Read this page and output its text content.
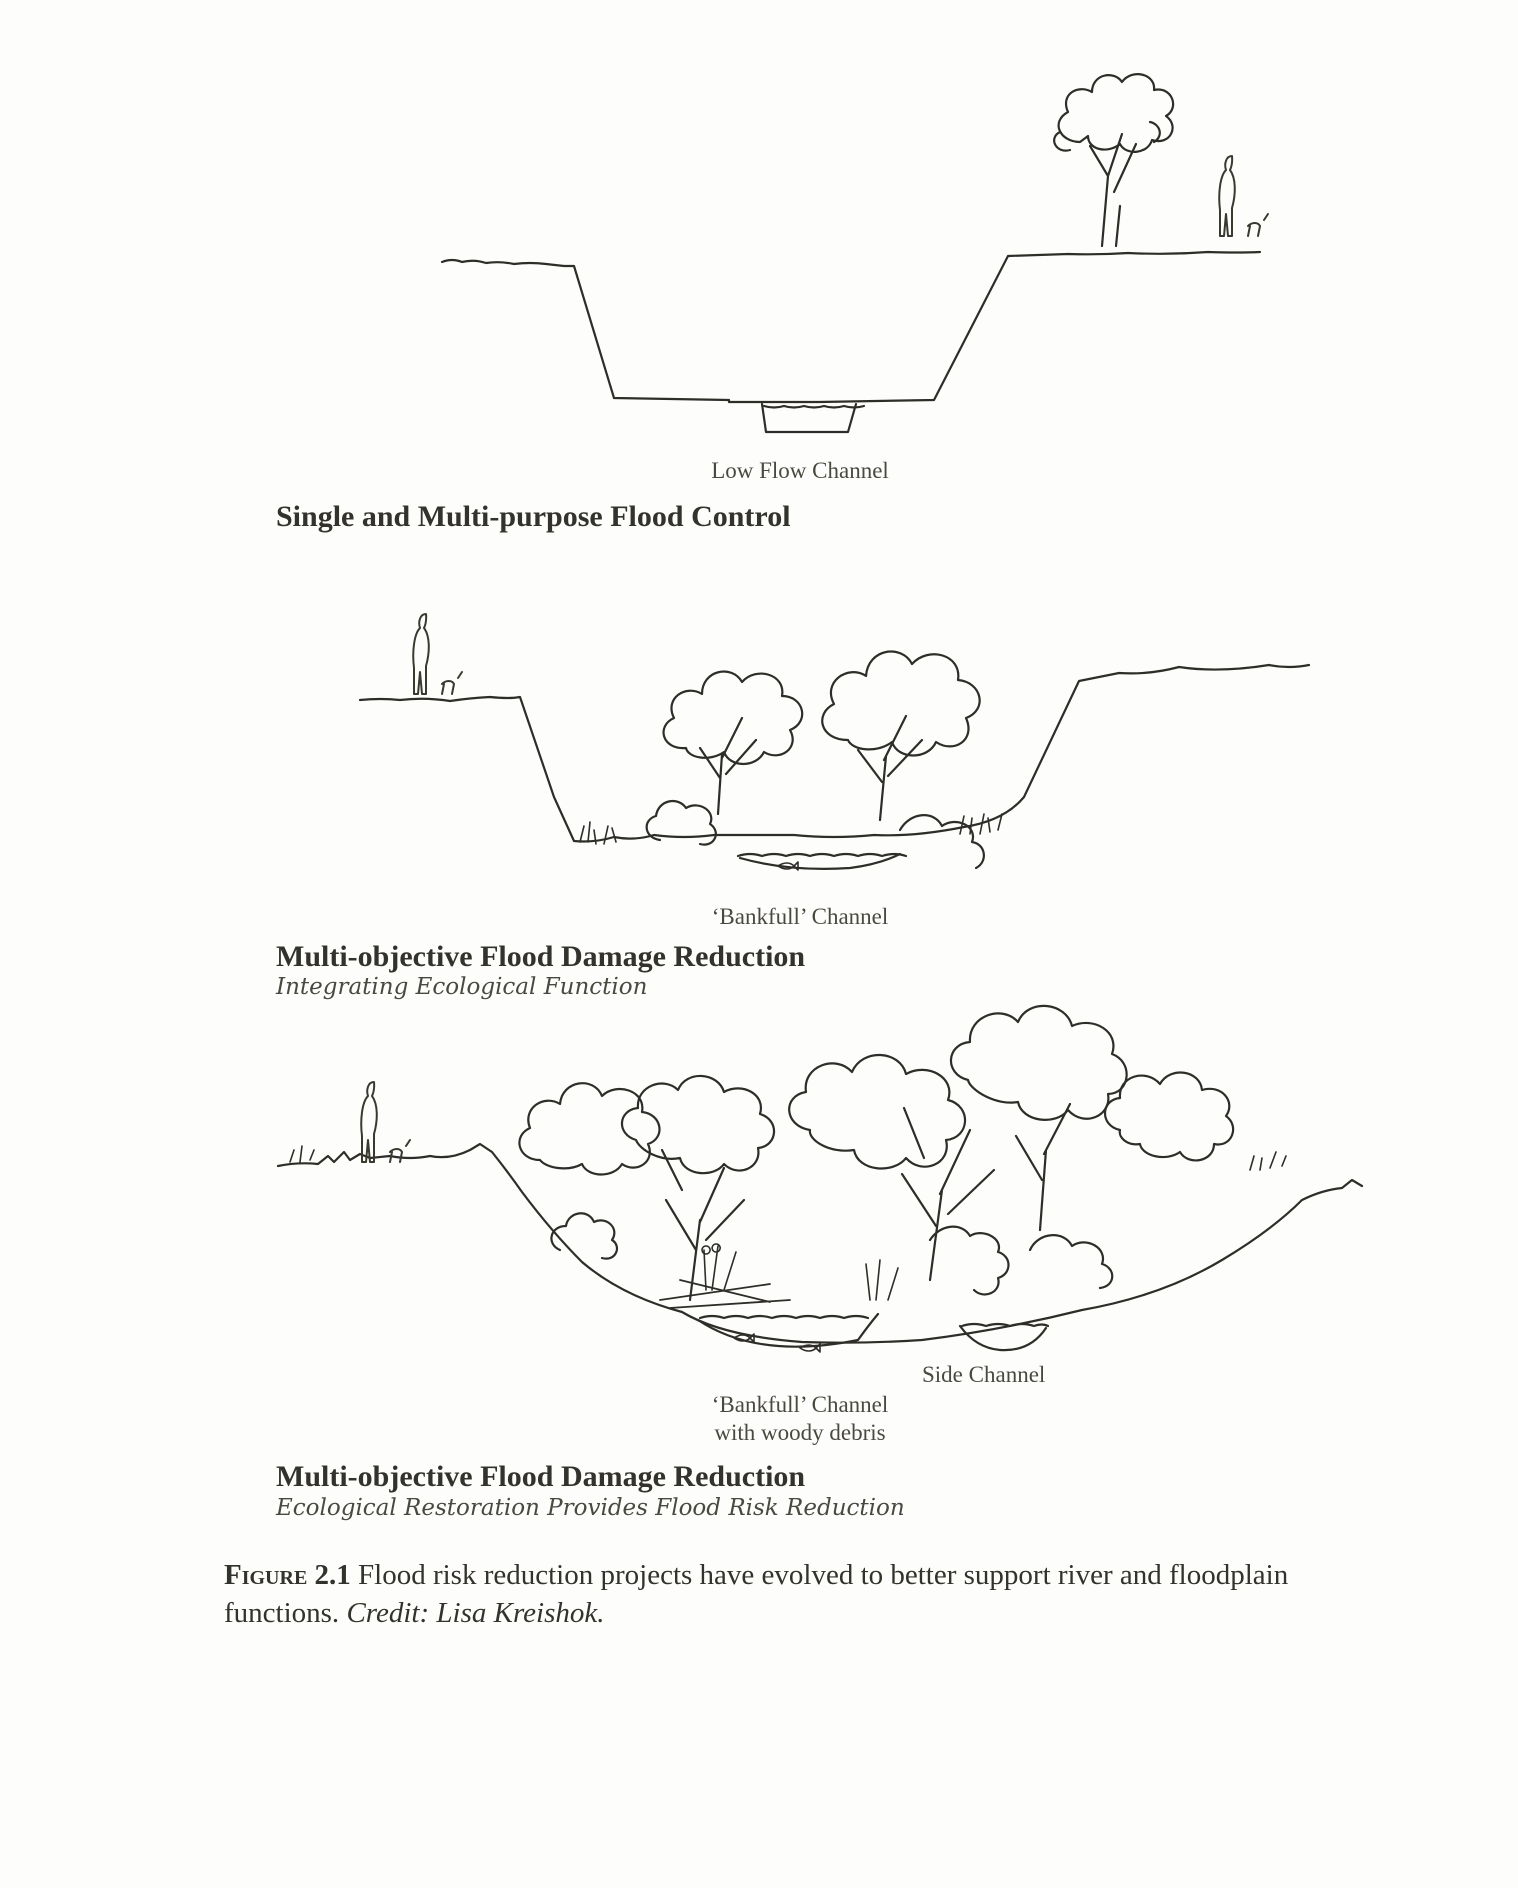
Low Flow Channel
Single and Multi-purpose Flood Control
‘Bankfull’ Channel
Multi-objective Flood Damage Reduction
Integrating Ecological Function
Side Channel
‘Bankfull’ Channel
with woody debris
Multi-objective Flood Damage Reduction
Ecological Restoration Provides Flood Risk Reduction
Figure 2.1 Flood risk reduction projects have evolved to better support river and floodplain functions. Credit: Lisa Kreishok.
